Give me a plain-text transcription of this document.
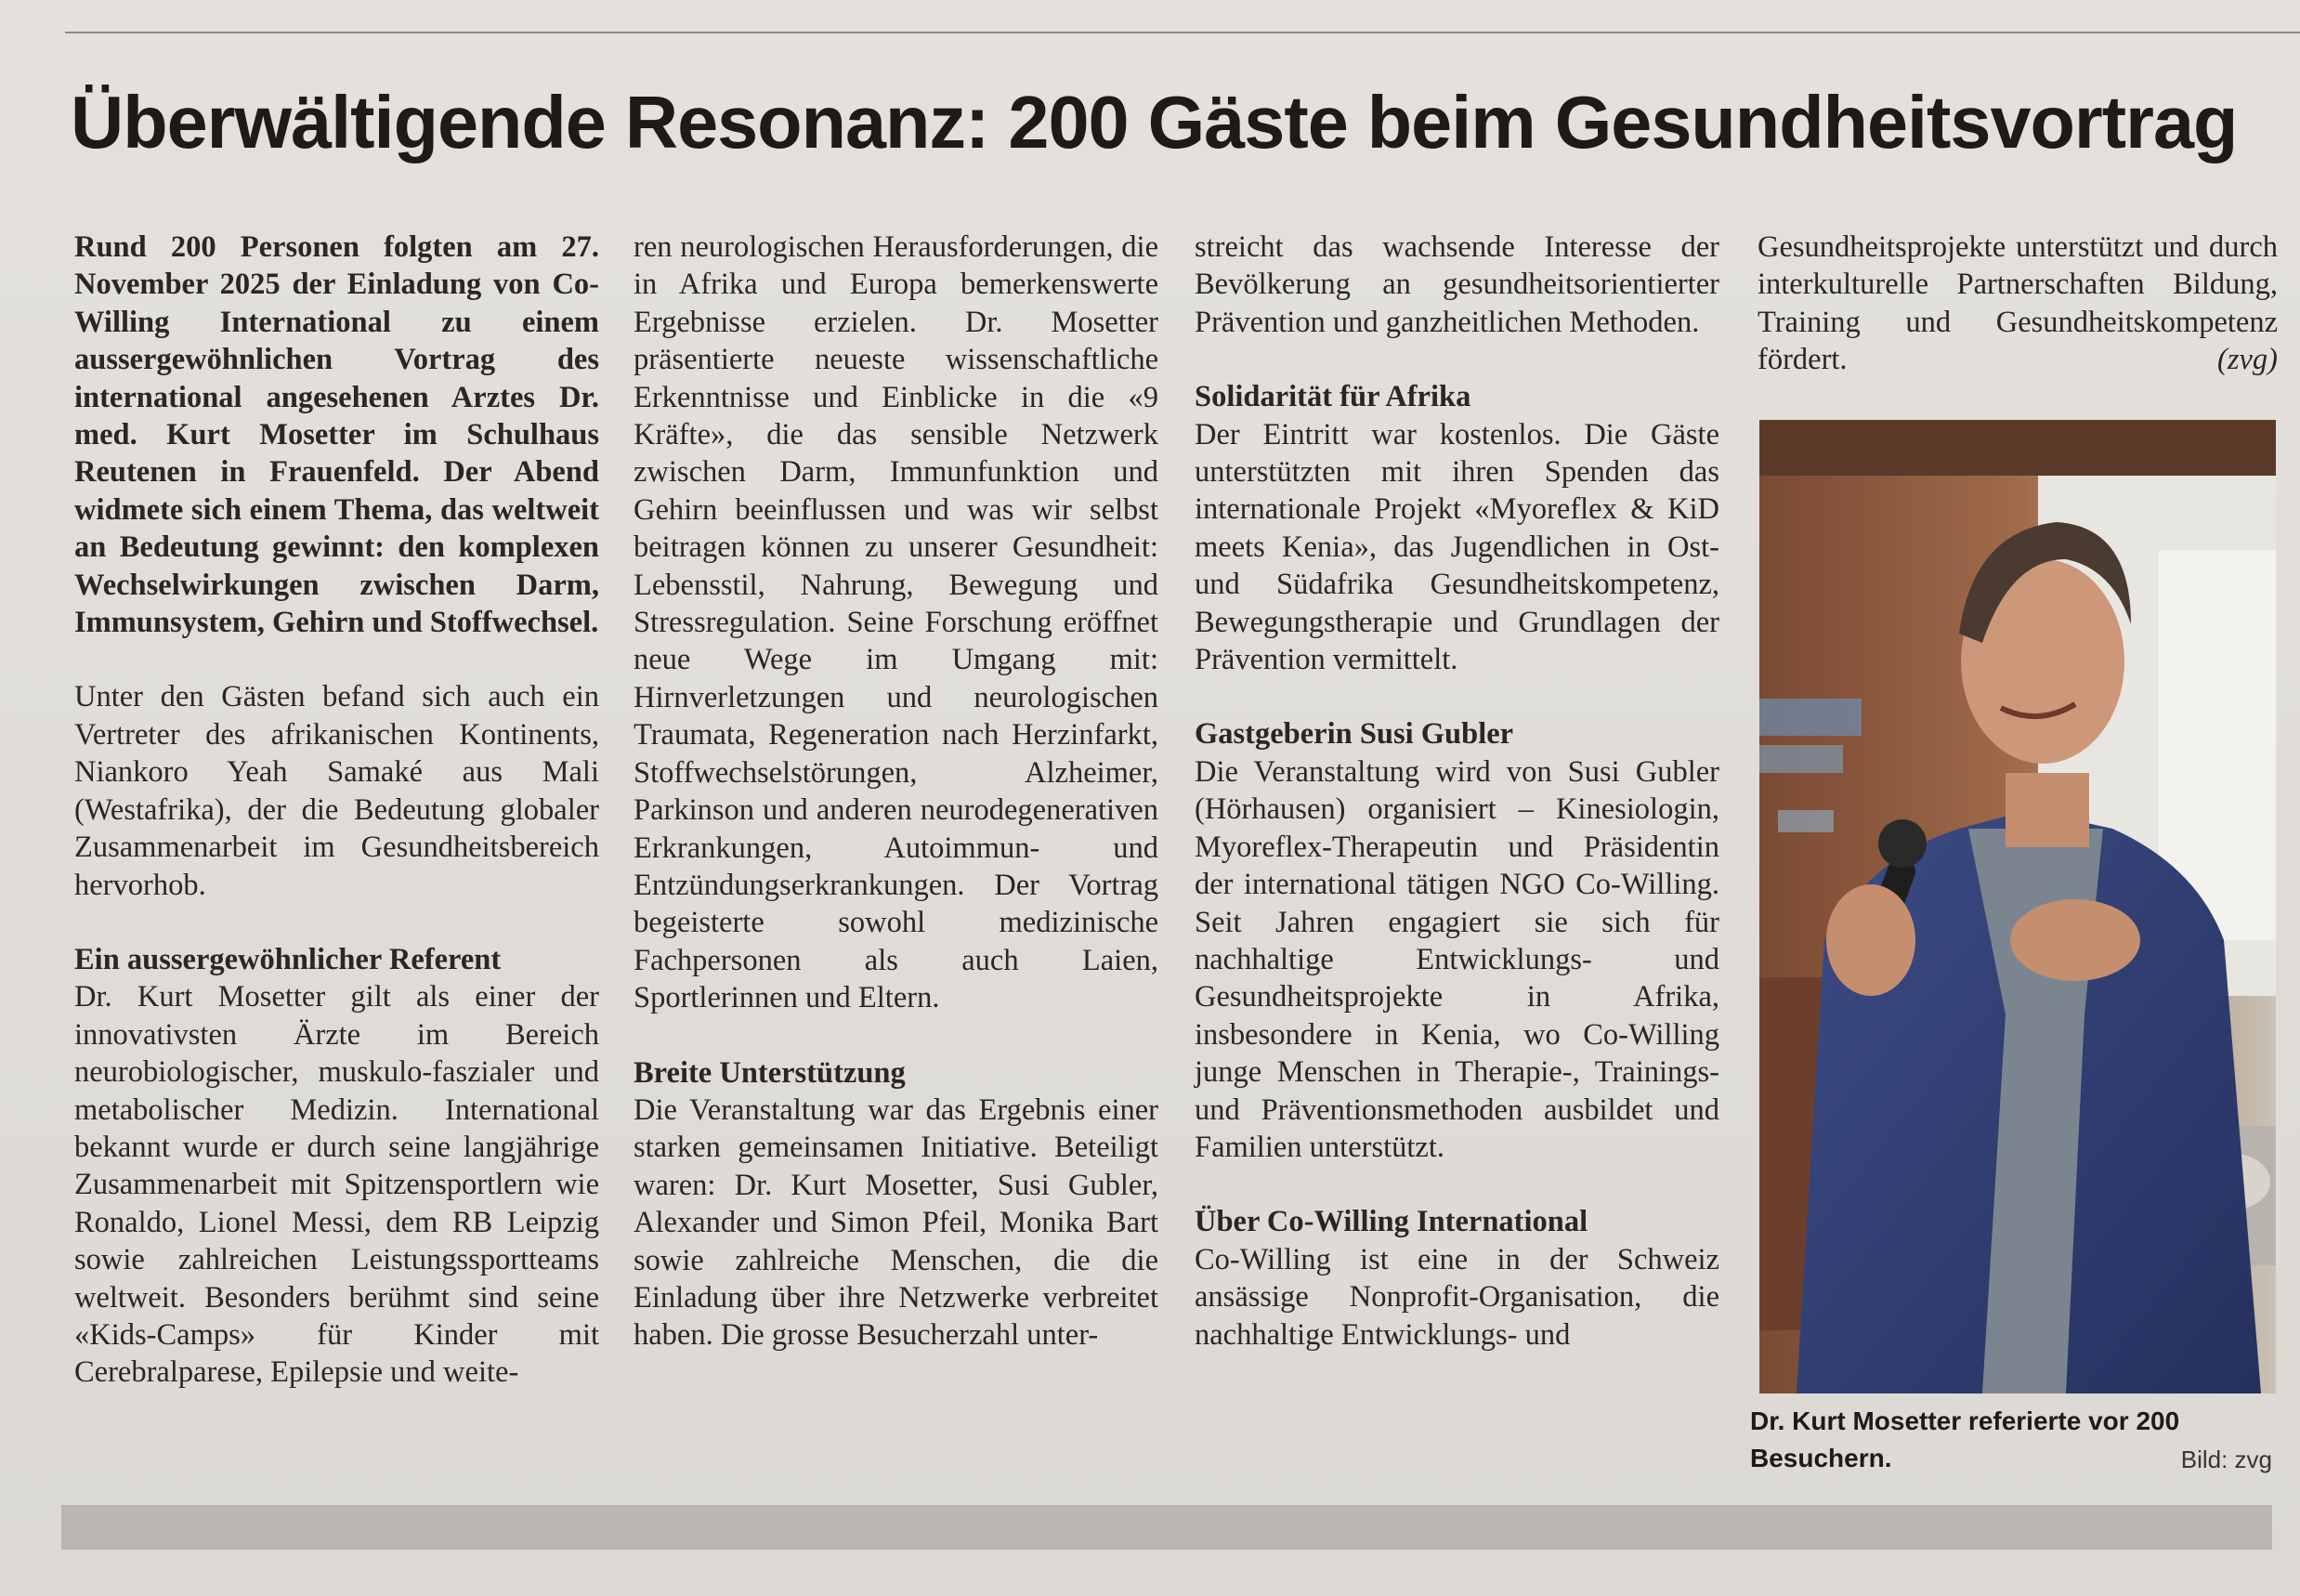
Überwältigende Resonanz: 200 Gäste beim Gesundheitsvortrag

Rund 200 Personen folgten am 27. November 2025 der Einladung von Co-Willing International zu einem aussergewöhnlichen Vortrag des international angesehenen Arztes Dr. med. Kurt Mosetter im Schulhaus Reutenen in Frauenfeld. Der Abend widmete sich einem Thema, das weltweit an Bedeutung gewinnt: den komplexen Wechselwirkungen zwischen Darm, Immunsystem, Gehirn und Stoffwechsel.

Unter den Gästen befand sich auch ein Vertreter des afrikanischen Kontinents, Niankoro Yeah Samaké aus Mali (Westafrika), der die Bedeutung globaler Zusammenarbeit im Gesundheitsbereich hervorhob.

Ein aussergewöhnlicher Referent

Dr. Kurt Mosetter gilt als einer der innovativsten Ärzte im Bereich neurobiologischer, muskulo-faszialer und metabolischer Medizin. International bekannt wurde er durch seine langjährige Zusammenarbeit mit Spitzensportlern wie Ronaldo, Lionel Messi, dem RB Leipzig sowie zahlreichen Leistungssportteams weltweit. Besonders berühmt sind seine «Kids-Camps» für Kinder mit Cerebralparese, Epilepsie und weite-

ren neurologischen Herausforderungen, die in Afrika und Europa bemerkenswerte Ergebnisse erzielen. Dr. Mosetter präsentierte neueste wissenschaftliche Erkenntnisse und Einblicke in die «9 Kräfte», die das sensible Netzwerk zwischen Darm, Immunfunktion und Gehirn beeinflussen und was wir selbst beitragen können zu unserer Gesundheit: Lebensstil, Nahrung, Bewegung und Stressregulation. Seine Forschung eröffnet neue Wege im Umgang mit: Hirnverletzungen und neurologischen Traumata, Regeneration nach Herzinfarkt, Stoffwechselstörungen, Alzheimer, Parkinson und anderen neurodegenerativen Erkrankungen, Autoimmun- und Entzündungserkrankungen. Der Vortrag begeisterte sowohl medizinische Fachpersonen als auch Laien, Sportlerinnen und Eltern.

Breite Unterstützung

Die Veranstaltung war das Ergebnis einer starken gemeinsamen Initiative. Beteiligt waren: Dr. Kurt Mosetter, Susi Gubler, Alexander und Simon Pfeil, Monika Bart sowie zahlreiche Menschen, die die Einladung über ihre Netzwerke verbreitet haben. Die grosse Besucherzahl unter-

streicht das wachsende Interesse der Bevölkerung an gesundheitsorientierter Prävention und ganzheitlichen Methoden.

Solidarität für Afrika

Der Eintritt war kostenlos. Die Gäste unterstützten mit ihren Spenden das internationale Projekt «Myoreflex & KiD meets Kenia», das Jugendlichen in Ost- und Südafrika Gesundheitskompetenz, Bewegungstherapie und Grundlagen der Prävention vermittelt.

Gastgeberin Susi Gubler

Die Veranstaltung wird von Susi Gubler (Hörhausen) organisiert – Kinesiologin, Myoreflex-Therapeutin und Präsidentin der international tätigen NGO Co-Willing. Seit Jahren engagiert sie sich für nachhaltige Entwicklungs- und Gesundheitsprojekte in Afrika, insbesondere in Kenia, wo Co-Willing junge Menschen in Therapie-, Trainings- und Präventionsmethoden ausbildet und Familien unterstützt.

Über Co-Willing International

Co-Willing ist eine in der Schweiz ansässige Nonprofit-Organisation, die nachhaltige Entwicklungs- und

Gesundheitsprojekte unterstützt und durch interkulturelle Partnerschaften Bildung, Training und Gesundheitskompetenz fördert.	(zvg)

Dr. Kurt Mosetter referierte vor 200 Besuchern.	Bild: zvg
